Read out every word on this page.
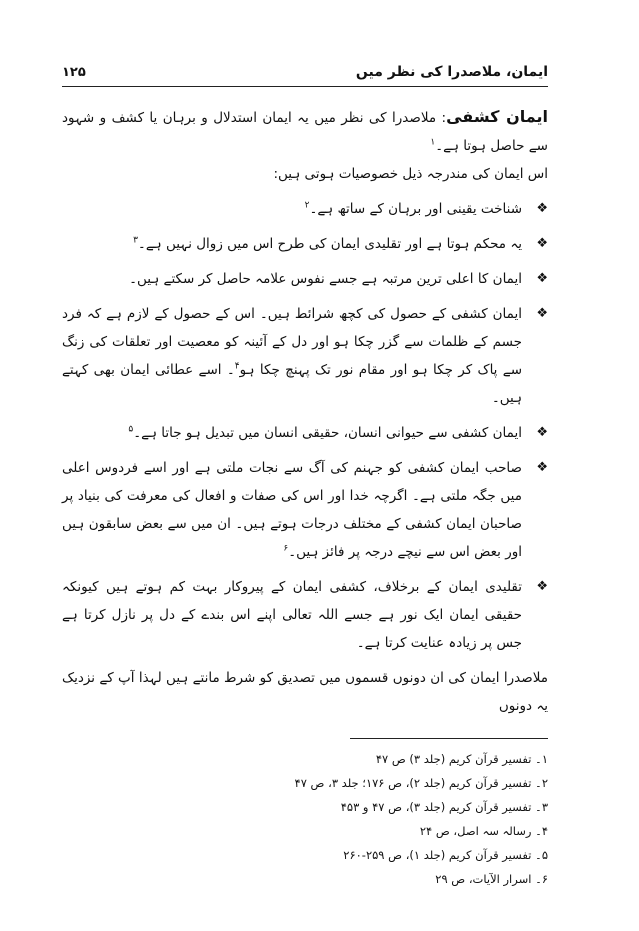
ایمان، ملاصدرا کی نظر میں
۱۲۵

ایمان کشفی: ملاصدرا کی نظر میں یہ ایمان استدلال و برہان یا کشف و شہود سے حاصل ہوتا ہے۔$^۱$
اس ایمان کی مندرجہ ذیل خصوصیات ہوتی ہیں:

❖
شناخت یقینی اور برہان کے ساتھ ہے۔$^۲$
❖
یہ محکم ہوتا ہے اور تقلیدی ایمان کی طرح اس میں زوال نہیں ہے۔$^۳$
❖
ایمان کا اعلی ترین مرتبہ ہے جسے نفوس علامہ حاصل کر سکتے ہیں۔
❖
ایمان کشفی کے حصول کی کچھ شرائط ہیں۔ اس کے حصول کے لازم ہے کہ فرد جسم کے ظلمات سے گزر چکا ہو اور دل کے آئینہ کو معصیت اور تعلقات کی زنگ سے پاک کر چکا ہو اور مقام نور تک پہنچ چکا ہو$^۴$۔ اسے عطائی ایمان بھی کہتے ہیں۔
❖
ایمان کشفی سے حیوانی انسان، حقیقی انسان میں تبدیل ہو جاتا ہے۔$^۵$
❖
صاحب ایمان کشفی کو جہنم کی آگ سے نجات ملتی ہے اور اسے فردوس اعلی میں جگہ ملتی ہے۔ اگرچہ خدا اور اس کی صفات و افعال کی معرفت کی بنیاد پر صاحبان ایمان کشفی کے مختلف درجات ہوتے ہیں۔ ان میں سے بعض سابقون ہیں اور بعض اس سے نیچے درجہ پر فائز ہیں۔$^۶$
❖
تقلیدی ایمان کے برخلاف، کشفی ایمان کے پیروکار بہت کم ہوتے ہیں کیونکہ حقیقی ایمان ایک نور ہے جسے اللہ تعالی اپنے اس بندے کے دل پر نازل کرتا ہے جس پر زیادہ عنایت کرتا ہے۔

ملاصدرا ایمان کی ان دونوں قسموں میں تصدیق کو شرط مانتے ہیں لہذا آپ کے نزدیک یہ دونوں

۱۔ تفسیر قرآن کریم (جلد ۳) ص ۴۷
۲۔ تفسیر قرآن کریم (جلد ۲)، ص ۱۷۶؛ جلد ۳، ص ۴۷
۳۔ تفسیر قرآن کریم (جلد ۳)، ص ۴۷ و ۴۵۳
۴۔ رسالہ سہ اصل، ص ۲۴
۵۔ تفسیر قرآن کریم (جلد ۱)، ص ۲۵۹-۲۶۰
۶۔ اسرار الآیات، ص ۲۹
